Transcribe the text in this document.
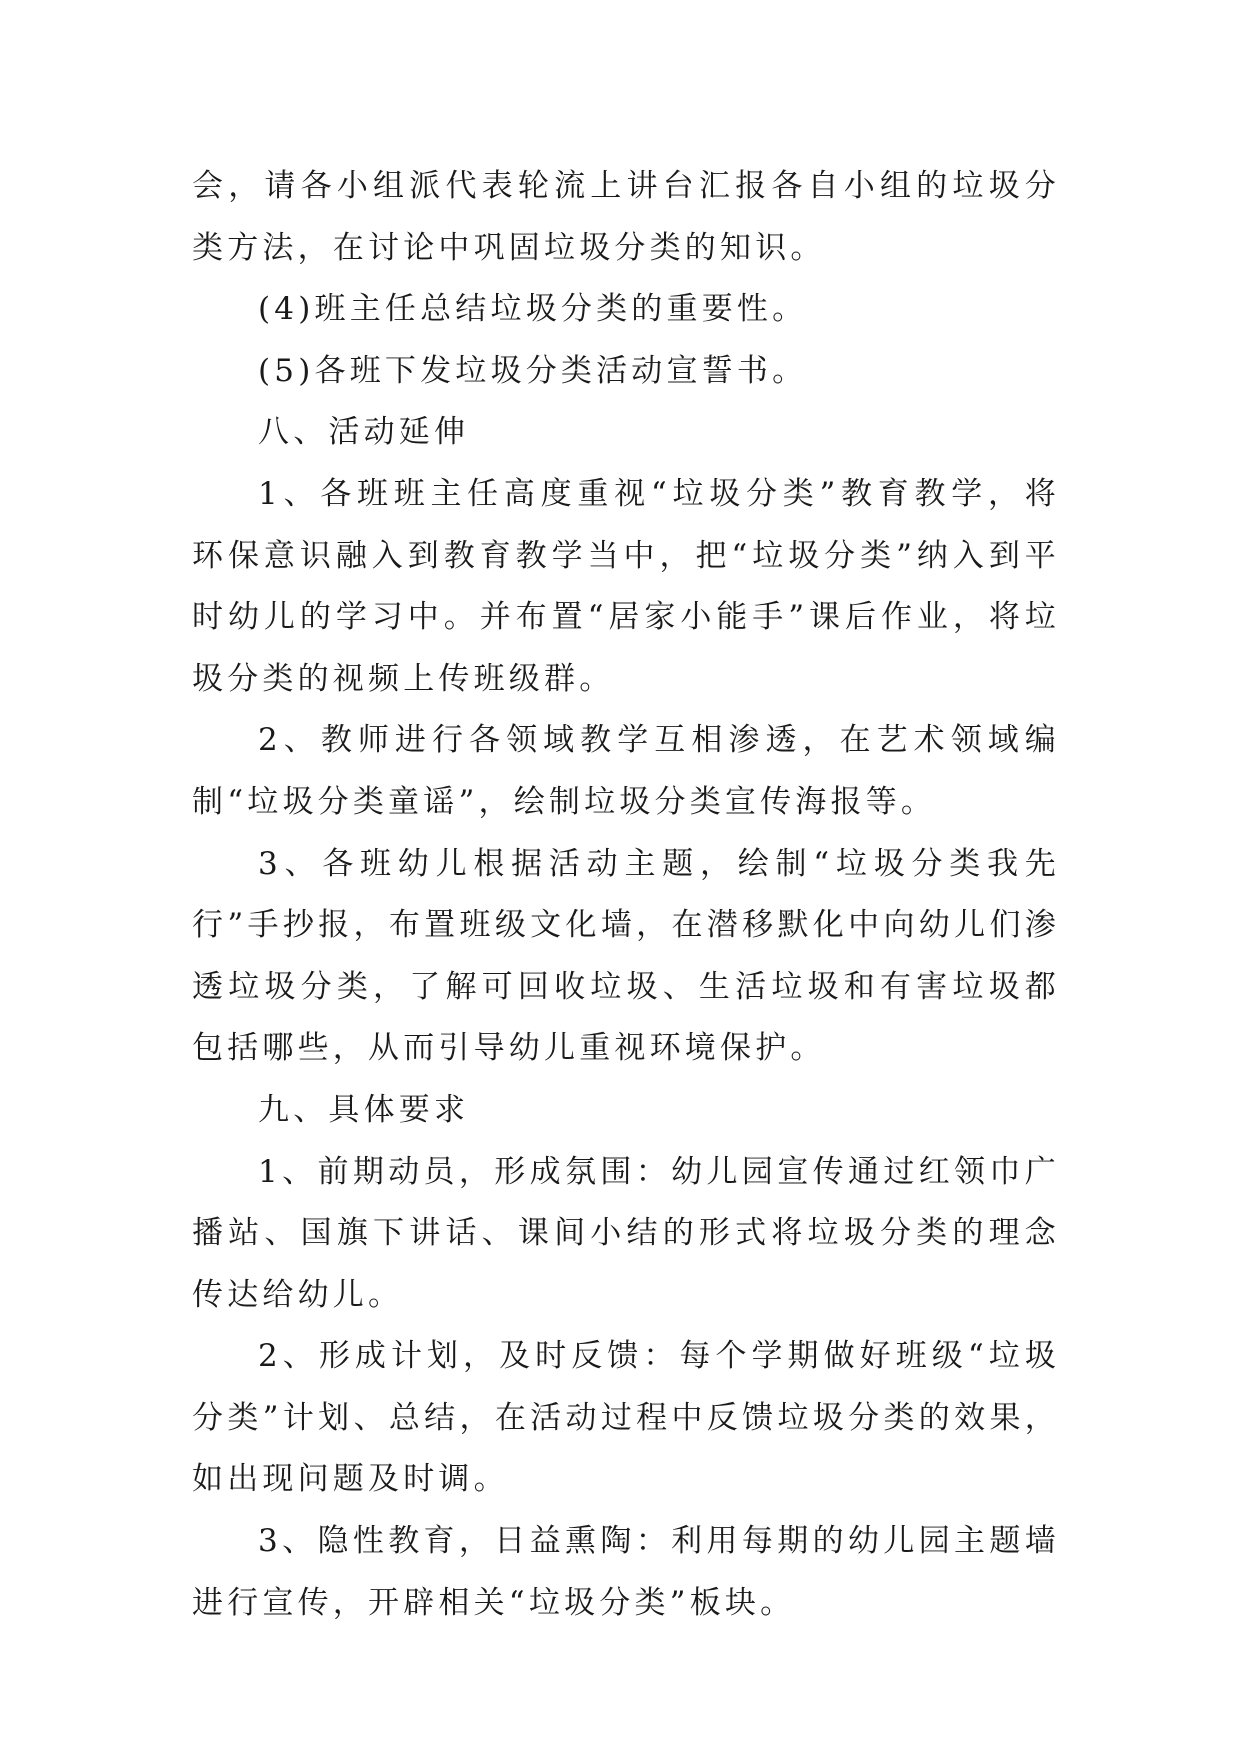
会，请各小组派代表轮流上讲台汇报各自小组的垃圾分类方法，在讨论中巩固垃圾分类的知识。

(4)班主任总结垃圾分类的重要性。

(5)各班下发垃圾分类活动宣誓书。

八、活动延伸

1、各班班主任高度重视“垃圾分类”教育教学，将环保意识融入到教育教学当中，把“垃圾分类”纳入到平时幼儿的学习中。并布置“居家小能手”课后作业，将垃圾分类的视频上传班级群。

2、教师进行各领域教学互相渗透，在艺术领域编制“垃圾分类童谣”，绘制垃圾分类宣传海报等。

3、各班幼儿根据活动主题，绘制“垃圾分类我先行”手抄报，布置班级文化墙，在潜移默化中向幼儿们渗透垃圾分类，了解可回收垃圾、生活垃圾和有害垃圾都包括哪些，从而引导幼儿重视环境保护。

九、具体要求

1、前期动员，形成氛围：幼儿园宣传通过红领巾广播站、国旗下讲话、课间小结的形式将垃圾分类的理念传达给幼儿。

2、形成计划，及时反馈：每个学期做好班级“垃圾分类”计划、总结，在活动过程中反馈垃圾分类的效果，如出现问题及时调。

3、隐性教育，日益熏陶：利用每期的幼儿园主题墙进行宣传，开辟相关“垃圾分类”板块。
